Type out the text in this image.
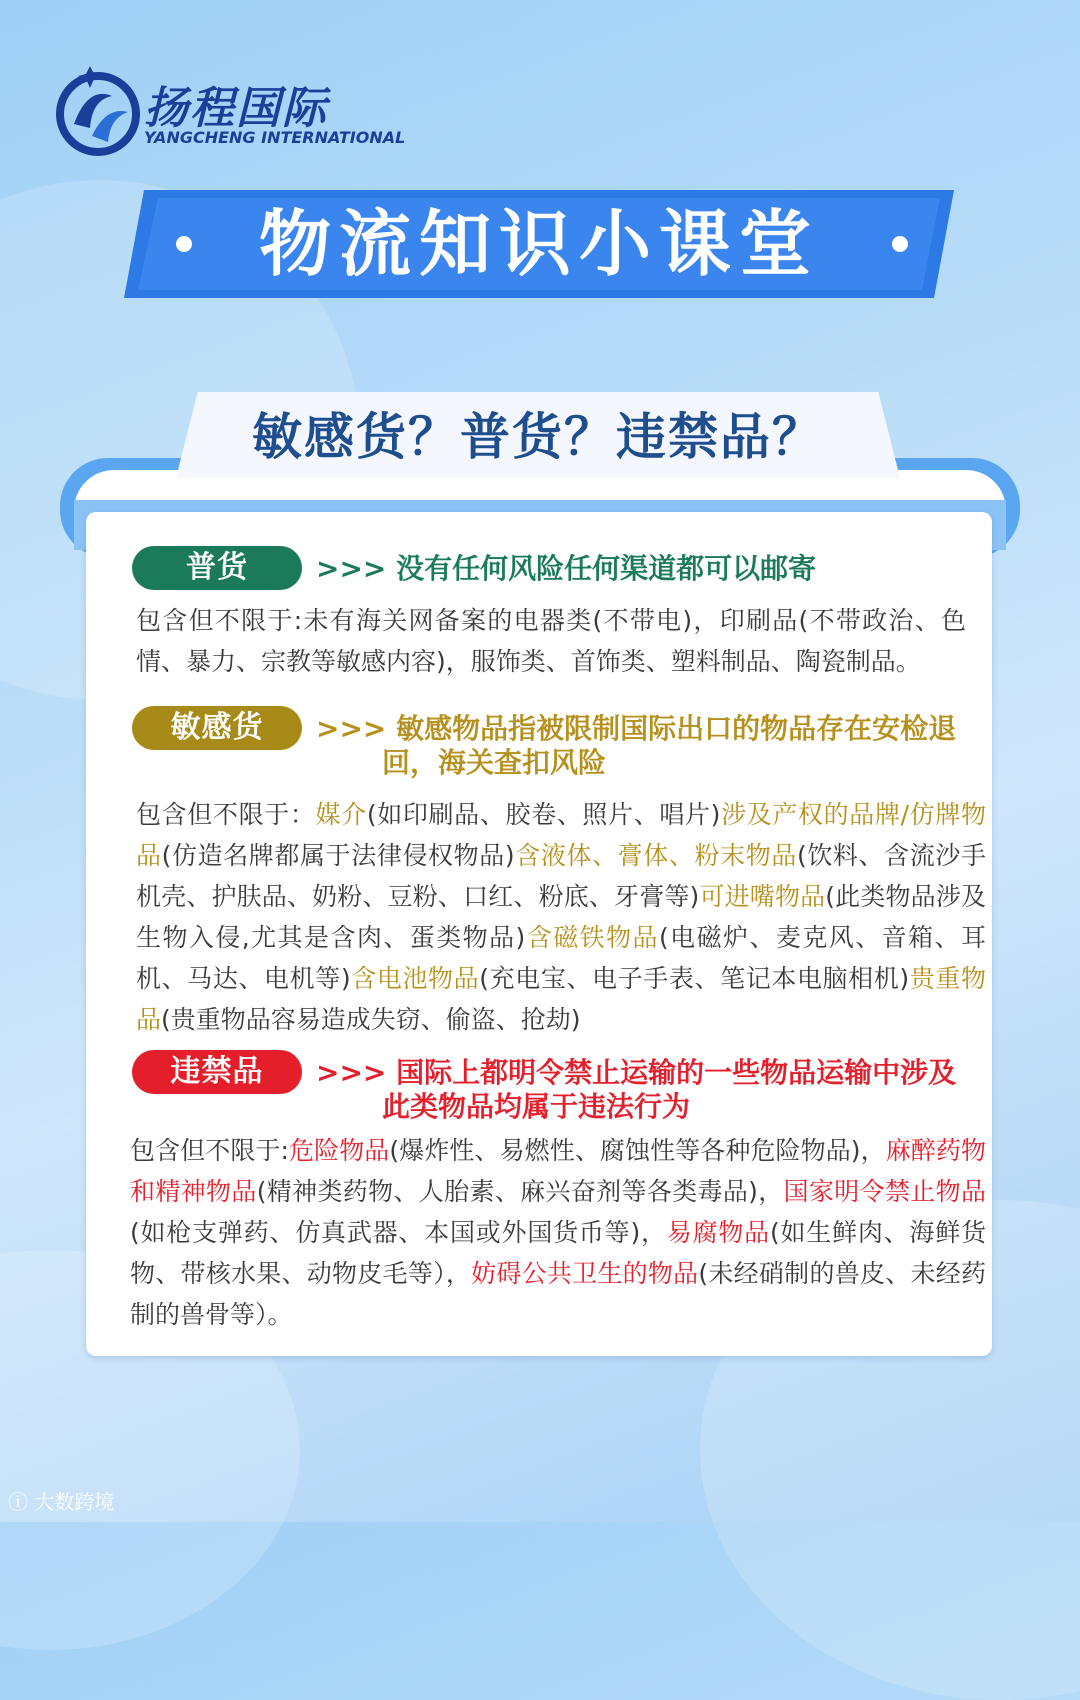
扬程国际
YANGCHENG INTERNATIONAL
物流知识小课堂
敏感货？普货？违禁品？
普货	>>> 没有任何风险任何渠道都可以邮寄
包含但不限于:未有海关网备案的电器类(不带电)，印刷品(不带政治、色情、暴力、宗教等敏感内容)，服饰类、首饰类、塑料制品、陶瓷制品。
敏感货	>>> 敏感物品指被限制国际出口的物品存在安检退
回，海关查扣风险
包含但不限于：媒介(如印刷品、胶卷、照片、唱片)涉及产权的品牌/仿牌物品(仿造名牌都属于法律侵权物品)含液体、膏体、粉末物品(饮料、含流沙手机壳、护肤品、奶粉、豆粉、口红、粉底、牙膏等)可进嘴物品(此类物品涉及生物入侵,尤其是含肉、蛋类物品)含磁铁物品(电磁炉、麦克风、音箱、耳机、马达、电机等)含电池物品(充电宝、电子手表、笔记本电脑相机)贵重物品(贵重物品容易造成失窃、偷盗、抢劫)
违禁品	>>> 国际上都明令禁止运输的一些物品运输中涉及
此类物品均属于违法行为
包含但不限于:危险物品(爆炸性、易燃性、腐蚀性等各种危险物品)，麻醉药物和精神物品(精神类药物、人胎素、麻兴奋剂等各类毒品)，国家明令禁止物品(如枪支弹药、仿真武器、本国或外国货币等)，易腐物品(如生鲜肉、海鲜货物、带核水果、动物皮毛等），妨碍公共卫生的物品(未经硝制的兽皮、未经药制的兽骨等）。
ⓘ 大数跨境
